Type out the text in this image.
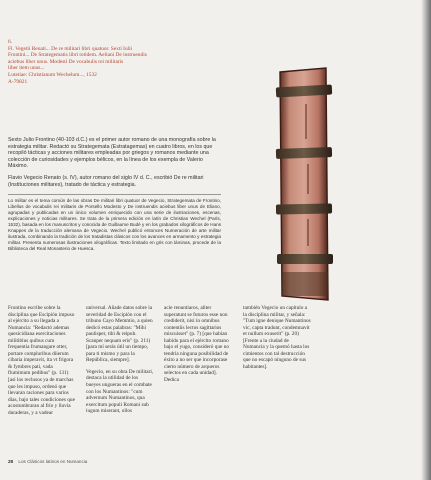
6.

Fl. Vegetii Renati... De re militari libri quatuor. Sexti Iulii

Frontini... De Strategematis libri totidem. Aeliani De instruendis

aciebus liber unus. Modesti De vocabulis rei militaris

liber item unus...

Lutetiae: Christianum Wechelum..., 1532

A-79821

Sexto Julio Frontino (40-103 d.C.) es el primer autor romano de una monografía sobre la estrategia militar. Redactó su Strategemata (Estratagemas) en cuatro libros, en los que recopiló tácticas y acciones militares empleadas por griegos y romanos mediante una colección de curiosidades y ejemplos bélicos, en la línea de los exempla de Valerio Máximo.

Flavio Vegecio Renato (s. IV), autor romano del siglo IV d. C., escribió De re militari (Instituciones militares), tratado de táctica y estrategia.

Lo militar es el tema común de las obras De militari libri quatuor de Vegecio, Strategemata de Frontino, Libellus de vocabulis rei militaris de Porsello Modesto y De instruendis aciebus liber unus de Eliano, agrupadas y publicadas en un único volumen enriquecido con una serie de ilustraciones, escenas, explicaciones y noticias militares. Se trata de la primera edición en latín de Christian Wechel (París, 1532), basada en los manuscritos y conocida de Guillaume Budé y en los grabados xilográficos de Hans Knappes de la traducción alemana de Vegecio. Wechel publicó entonces Numeración de arte militar ilustrada, combinando la tradición de los tratadistas clásicos con los avances en armamento y estrategia militar. Presenta numerosas ilustraciones xilográficas. Texto limitado en gris con láminas, procede de la Biblioteca del Real Monasterio de Huesca.

Frontino escribe sobre la disciplina que Escipión impuso al ejército a su llegada a Numancia: "Redactó ademas quesicidiana esercitaciones militiblus quibus cum frequentia frumangare otter, portare compluribus diierum cibaria imperavit, ita vt frigora & fymbres pati, vada flumimum pedibus" (p. 131) [así los reclusos ya de marchas que les impuso, ordenó que llevaran raciones para varios días, bajo tales condiciones que acostumbraran al frío y lluvia duraderas, y a vadear

universal. Añade datos sobre la severidad de Escipión con el tribuno Cayo Memmio, a quien dedicó estas palabras: "Mihi paulisper, tibi & reipub. Scanper nequam eris" (p. 211) [para mí serás útil un tiempo, para ti mismo y para la República, siempre].

Vegecio, en su obra De militari, destaca la utilidad de los bueyes ungueras en el combate con los Numantinos: "cum advernum Numantinos, qua exercitum populi Romani sub iugum miserant, ollos

acie renuntiaros, aliter superatunt se futuros esse non crediderit, nisi in omnibus contentiis lectos sagittarios miscuisset" (p. 7) [que habían habido para el ejército romano bajo el yugo, consideró que no tendría ninguna posibilidad de éxito a no ser que incorporase cierto número de arqueros selectos en cada unidad]. Dedica

también Vegecio un capítulo a la disciplina militar, y señala: "Tum igne denique Numantinos vic, capta tradunt, condemnavit et nullum exuserit" (p. 20) [Frente a la ciudad de Numancia y la quemó hasta los cimientos con tal destrucción que no escapó ninguno de sus habitantes].

28 Los Clásicos latinos en Numancia
